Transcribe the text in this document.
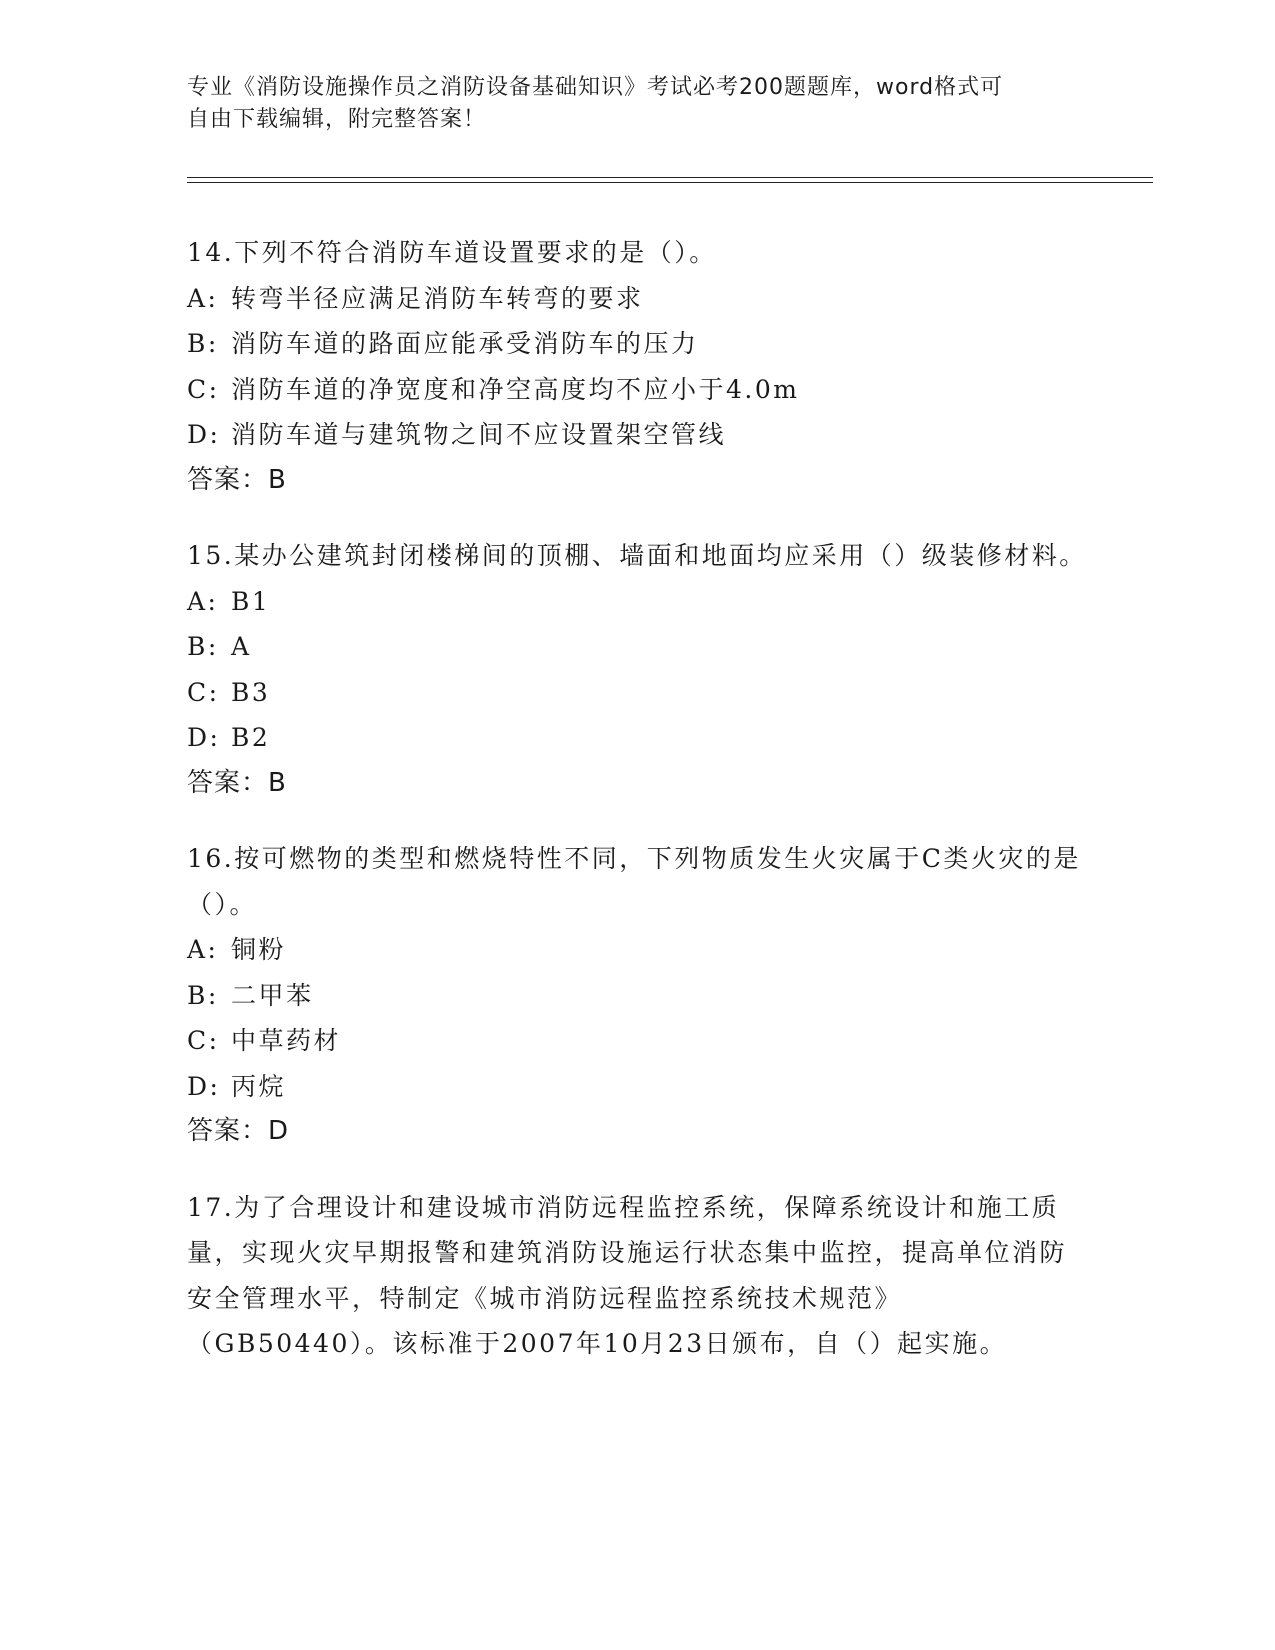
专业《消防设施操作员之消防设备基础知识》考试必考200题题库，word格式可
自由下载编辑，附完整答案！
14.下列不符合消防车道设置要求的是（）。
A: 转弯半径应满足消防车转弯的要求
B: 消防车道的路面应能承受消防车的压力
C: 消防车道的净宽度和净空高度均不应小于4.0m
D: 消防车道与建筑物之间不应设置架空管线
答案：B
15.某办公建筑封闭楼梯间的顶棚、墙面和地面均应采用（）级装修材料。
A: B1
B: A
C: B3
D: B2
答案：B
16.按可燃物的类型和燃烧特性不同，下列物质发生火灾属于C类火灾的是（）。
A: 铜粉
B: 二甲苯
C: 中草药材
D: 丙烷
答案：D
17.为了合理设计和建设城市消防远程监控系统，保障系统设计和施工质量，实现火灾早期报警和建筑消防设施运行状态集中监控，提高单位消防安全管理水平，特制定《城市消防远程监控系统技术规范》（GB50440）。该标准于2007年10月23日颁布，自（）起实施。
